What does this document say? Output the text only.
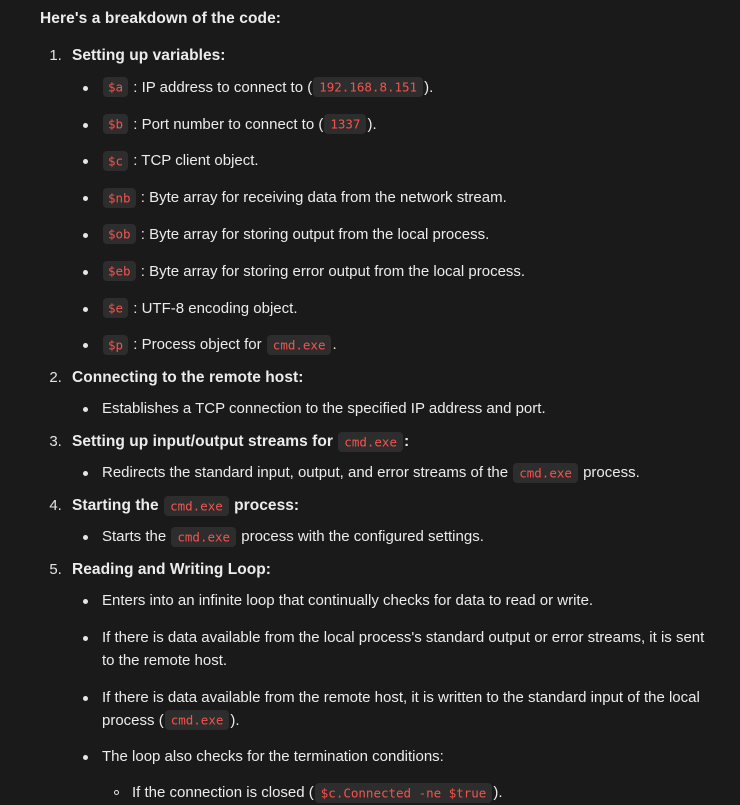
Here's a breakdown of the code:

1. Setting up variables:
$a : IP address to connect to ( 192.168.8.151 ).
$b : Port number to connect to ( 1337 ).
$c : TCP client object.
$nb : Byte array for receiving data from the network stream.
$ob : Byte array for storing output from the local process.
$eb : Byte array for storing error output from the local process.
$e : UTF-8 encoding object.
$p : Process object for cmd.exe .
2. Connecting to the remote host:
Establishes a TCP connection to the specified IP address and port.
3. Setting up input/output streams for cmd.exe :
Redirects the standard input, output, and error streams of the cmd.exe process.
4. Starting the cmd.exe process:
Starts the cmd.exe process with the configured settings.
5. Reading and Writing Loop:
Enters into an infinite loop that continually checks for data to read or write.
If there is data available from the local process's standard output or error streams, it is sent to the remote host.
If there is data available from the remote host, it is written to the standard input of the local process ( cmd.exe ).
The loop also checks for the termination conditions:
If the connection is closed ( $c.Connected -ne $true ).
